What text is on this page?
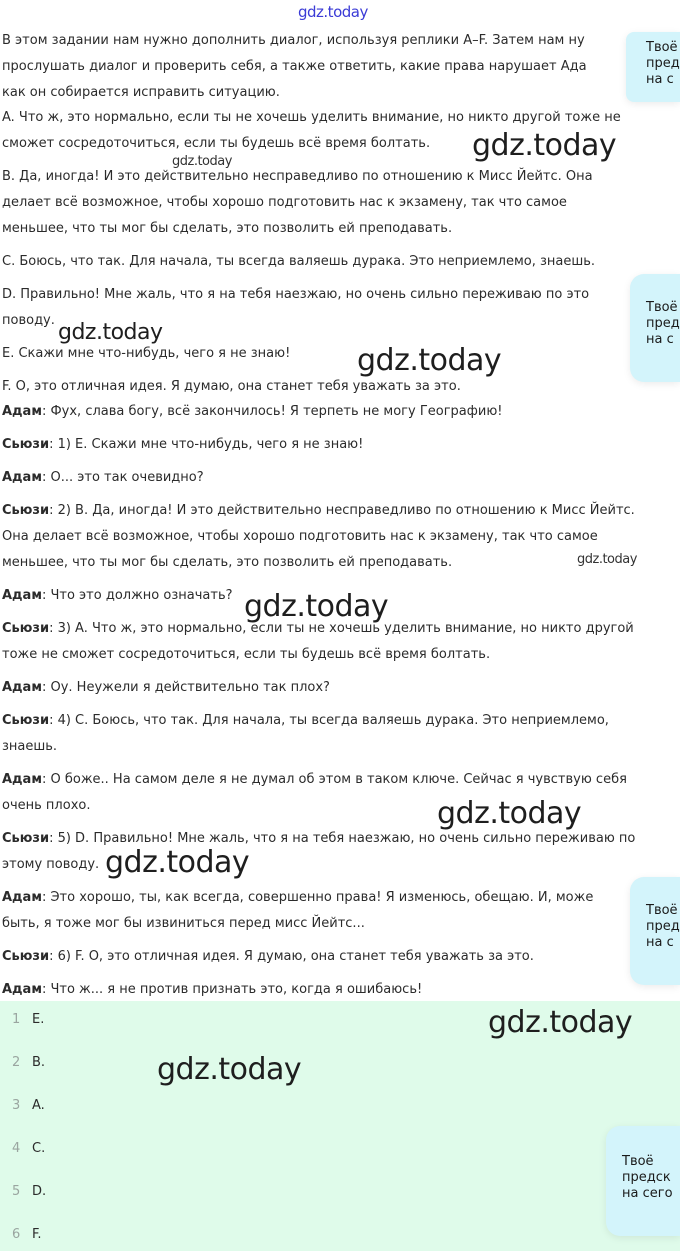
gdz.today

В этом задании нам нужно дополнить диалог, используя реплики А–F. Затем нам ну

прослушать диалог и проверить себя, а также ответить, какие права нарушает Ада

как он собирается исправить ситуацию.

A. Что ж, это нормально, если ты не хочешь уделить внимание, но никто другой тоже не

сможет сосредоточиться, если ты будешь всё время болтать.

B. Да, иногда! И это действительно несправедливо по отношению к Мисс Йейтс. Она

делает всё возможное, чтобы хорошо подготовить нас к экзамену, так что самое

меньшее, что ты мог бы сделать, это позволить ей преподавать.

C. Боюсь, что так. Для начала, ты всегда валяешь дурака. Это неприемлемо, знаешь.

D. Правильно! Мне жаль, что я на тебя наезжаю, но очень сильно переживаю по это

поводу.

E. Скажи мне что-нибудь, чего я не знаю!

F. О, это отличная идея. Я думаю, она станет тебя уважать за это.

Адам: Фух, слава богу, всё закончилось! Я терпеть не могу Географию!

Сьюзи: 1) E. Скажи мне что-нибудь, чего я не знаю!

Адам: О... это так очевидно?

Сьюзи: 2) B. Да, иногда! И это действительно несправедливо по отношению к Мисс Йейтс.

Она делает всё возможное, чтобы хорошо подготовить нас к экзамену, так что самое

меньшее, что ты мог бы сделать, это позволить ей преподавать.

Адам: Что это должно означать?

Сьюзи: 3) A. Что ж, это нормально, если ты не хочешь уделить внимание, но никто другой

тоже не сможет сосредоточиться, если ты будешь всё время болтать.

Адам: Оу. Неужели я действительно так плох?

Сьюзи: 4) C. Боюсь, что так. Для начала, ты всегда валяешь дурака. Это неприемлемо,

знаешь.

Адам: О боже.. На самом деле я не думал об этом в таком ключе. Сейчас я чувствую себя

очень плохо.

Сьюзи: 5) D. Правильно! Мне жаль, что я на тебя наезжаю, но очень сильно переживаю по

этому поводу.

Адам: Это хорошо, ты, как всегда, совершенно права! Я изменюсь, обещаю. И, може

быть, я тоже мог бы извиниться перед мисс Йейтс...

Сьюзи: 6) F. О, это отличная идея. Я думаю, она станет тебя уважать за это.

Адам: Что ж... я не против признать это, когда я ошибаюсь!

1 E.
2 B.
3 A.
4 C.
5 D.
6 F.
gdz.today
gdz.today
gdz.today
gdz.today
gdz.today
gdz.today
gdz.today
gdz.today
gdz.today
gdz.today
Твоё
пред
на с
Твоё
пред
на с
Твоё
пред
на с
Твоё
предск
на сего
